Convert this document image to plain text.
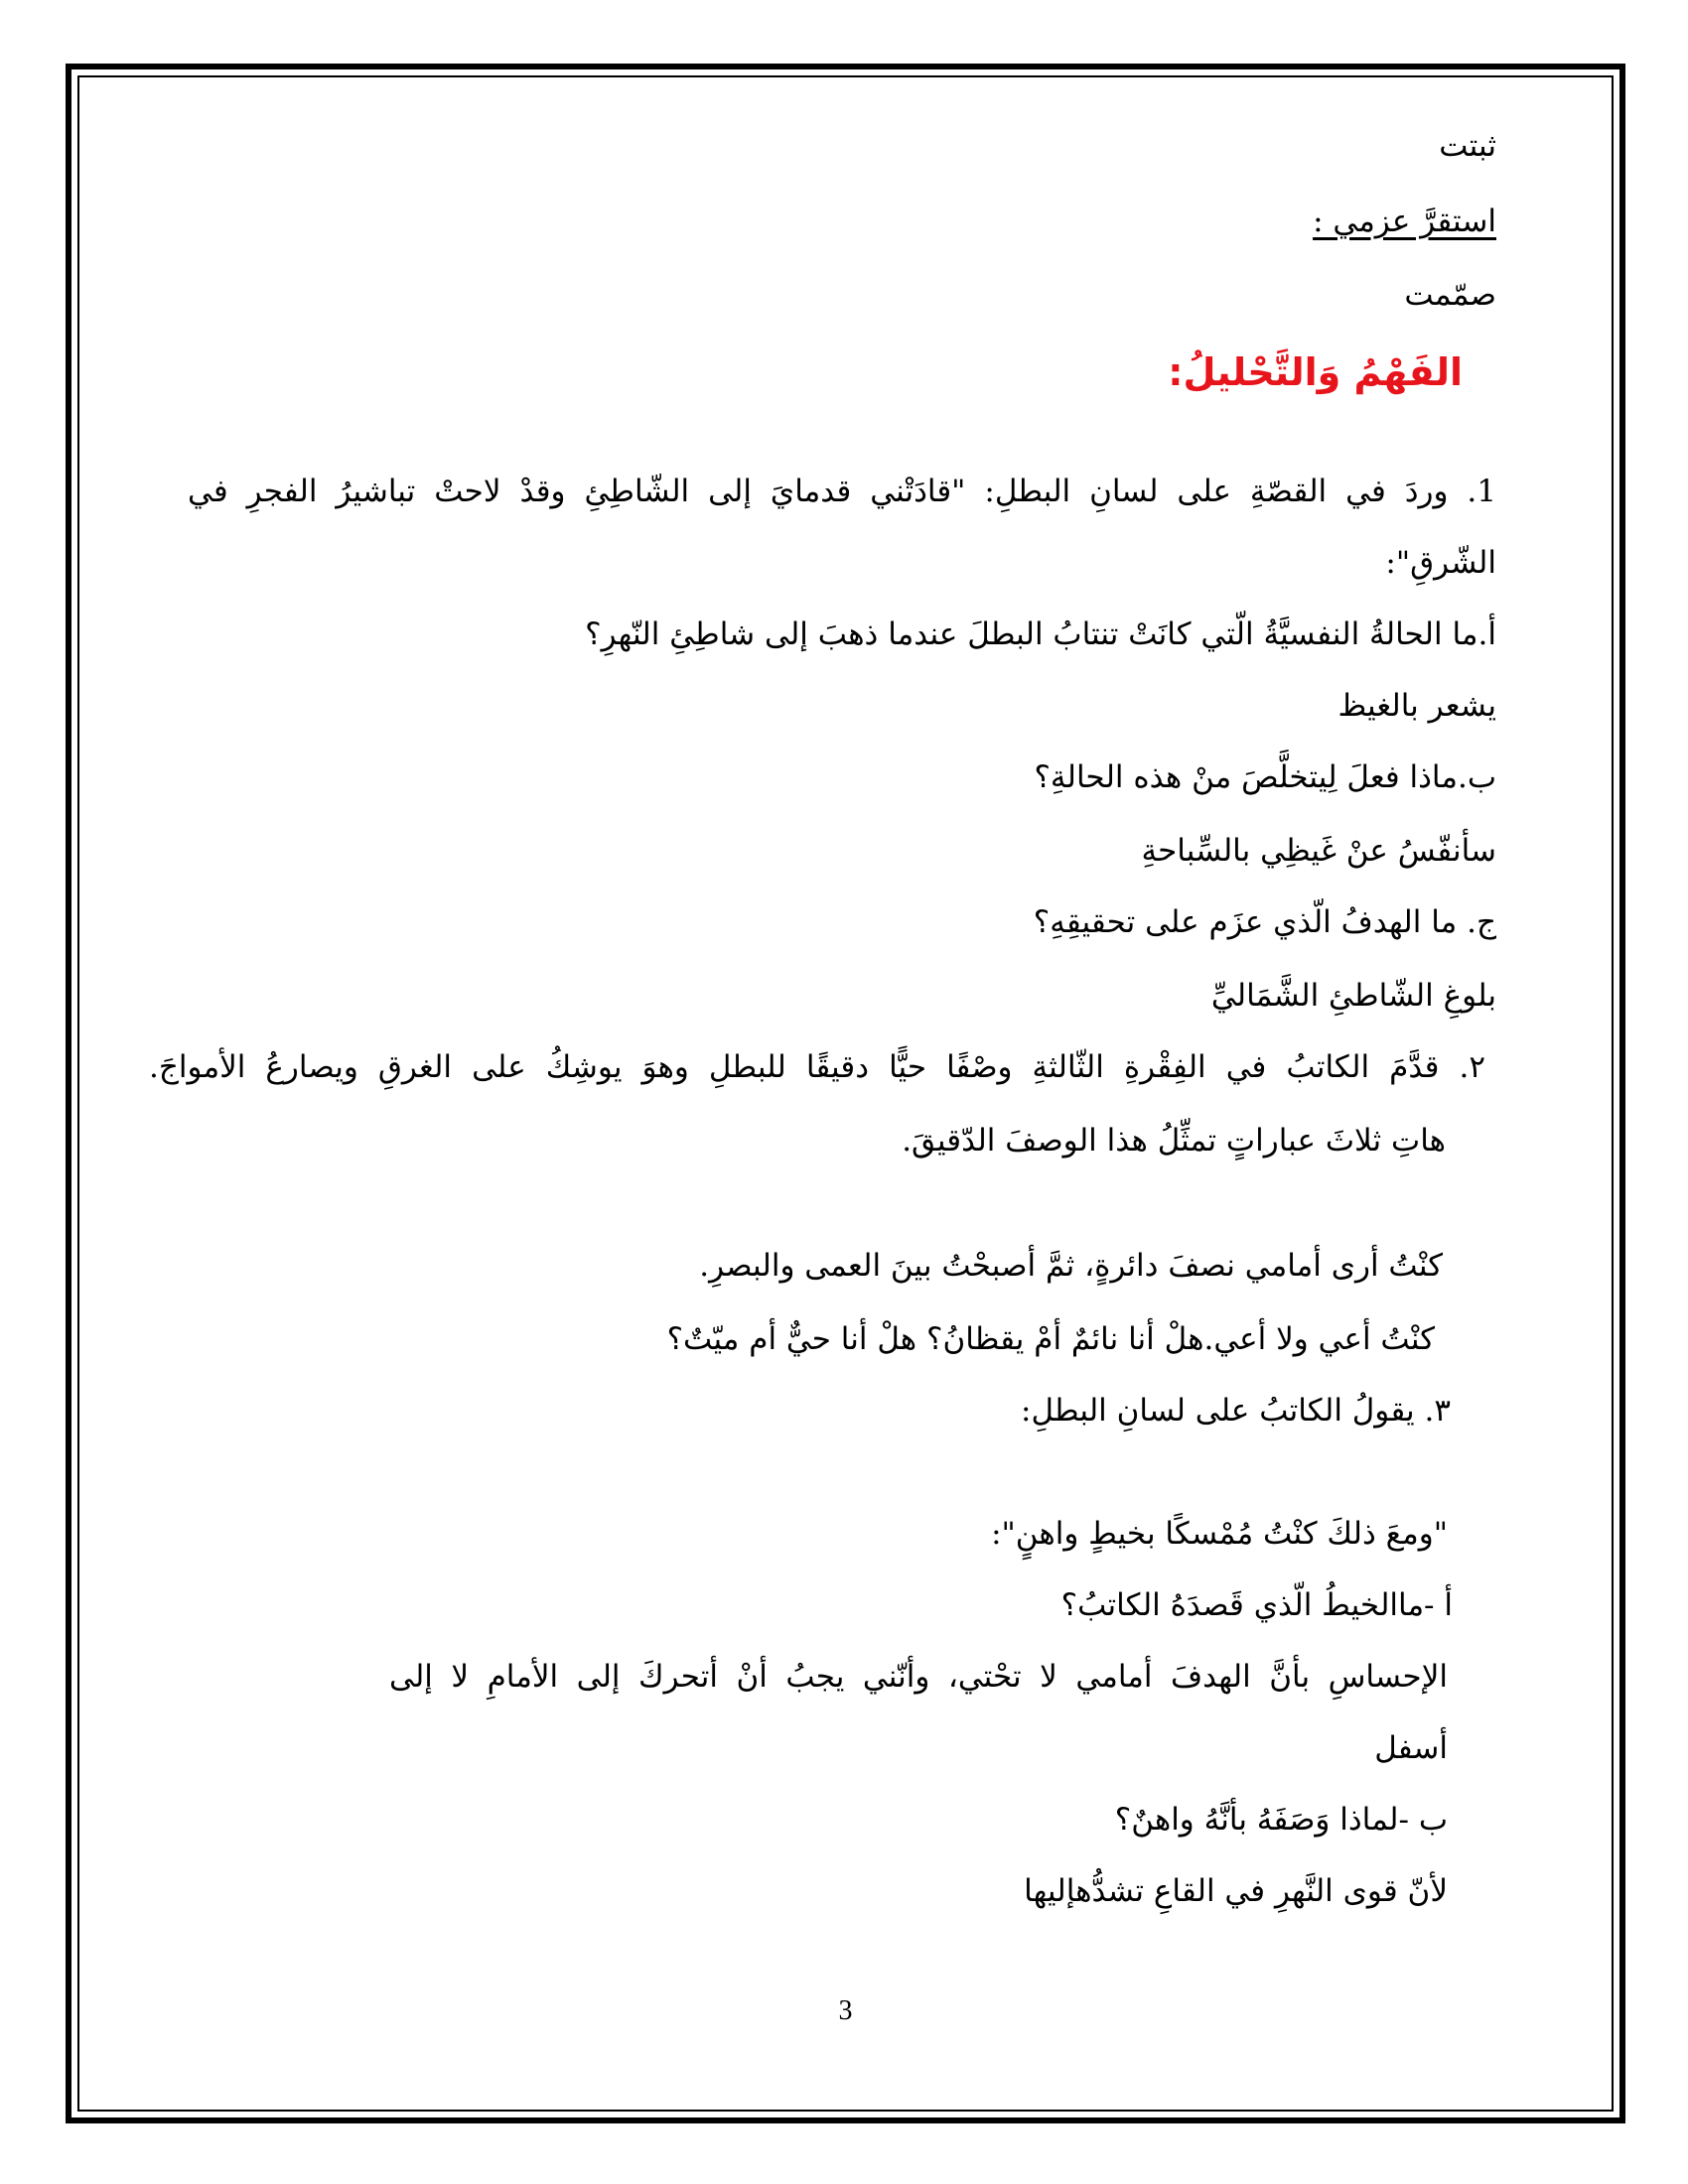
ثبتت
استقرَّ عزمي :
صمّمت
الفَهْمُ وَالتَّحْليلُ:
1. وردَ في القصّةِ على لسانِ البطلِ: "قادَتْني قدمايَ إلى الشّاطِئِ وقدْ لاحتْ تباشيرُ الفجرِ في
الشّرقِ":
أ.ما الحالةُ النفسيَّةُ الّتي كانَتْ تنتابُ البطلَ عندما ذهبَ إلى شاطِئِ النّهرِ؟
يشعر بالغيظ
ب.ماذا فعلَ لِيتخلَّصَ منْ هذه الحالةِ؟
سأنفّسُ عنْ غَيظِي بالسِّباحةِ
ج. ما الهدفُ الّذي عزَم على تحقيقِهِ؟
بلوغِ الشّاطئِ الشَّمَاليِّ
٢. قدَّمَ الكاتبُ في الفِقْرةِ الثّالثةِ وصْفًا حيًّا دقيقًا للبطلِ وهوَ يوشِكُ على الغرقِ ويصارعُ الأمواجَ.
هاتِ ثلاثَ عباراتٍ تمثِّلُ هذا الوصفَ الدّقيقَ.
كنْتُ أرى أمامي نصفَ دائرةٍ، ثمَّ أصبحْتُ بينَ العمى والبصرِ.
كنْتُ أعي ولا أعي.هلْ أنا نائمٌ أمْ يقظانُ؟ هلْ أنا حيٌّ أم ميّتٌ؟
٣. يقولُ الكاتبُ على لسانِ البطلِ:
"ومعَ ذلكَ كنْتُ مُمْسكًا بخيطٍ واهنٍ":
أ -ماالخيطُ الّذي قَصدَهُ الكاتبُ؟
الإحساسِ بأنَّ الهدفَ أمامي لا تحْتي، وأنّني يجبُ أنْ أتحركَ إلى الأمامِ لا إلى
أسفل
ب -لماذا وَصَفَهُ بأنَّهُ واهنٌ؟
لأنّ قوى النَّهرِ في القاعِ تشدُّهإليها
3
